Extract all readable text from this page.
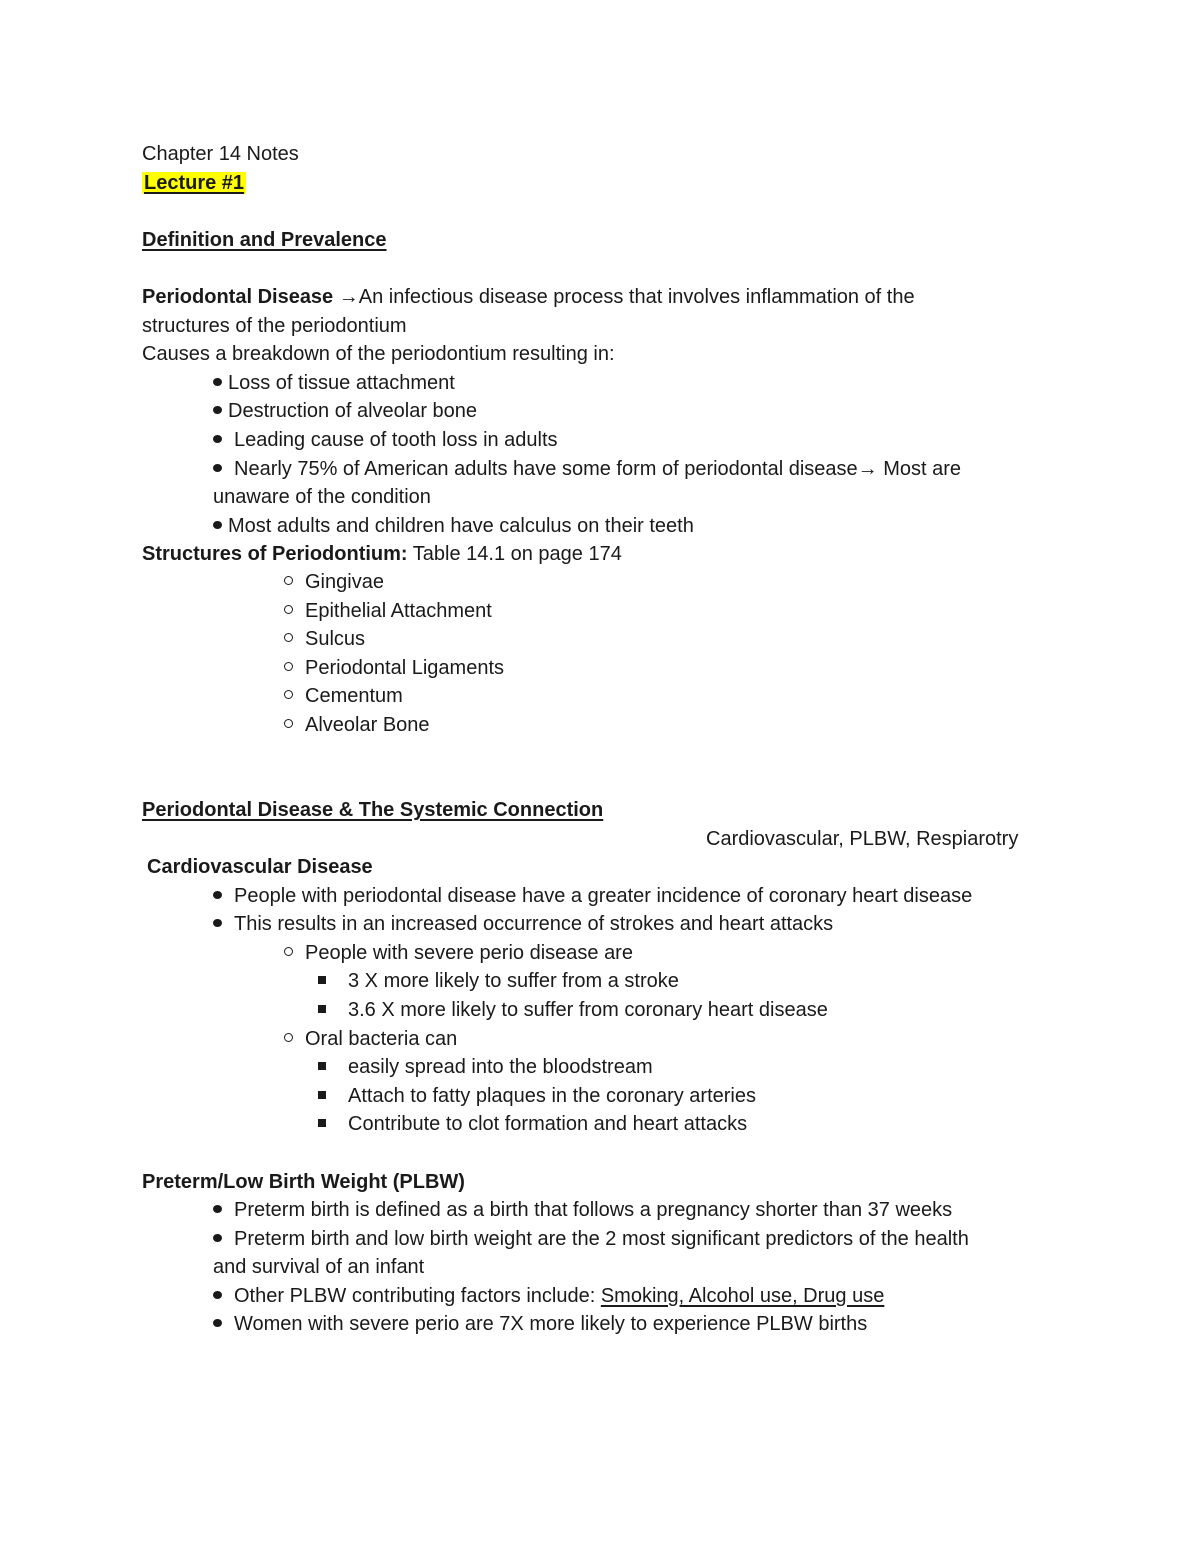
Chapter 14 Notes
Lecture #1
Definition and Prevalence
Periodontal Disease →An infectious disease process that involves inflammation of the
structures of the periodontium
Causes a breakdown of the periodontium resulting in:
Loss of tissue attachment
Destruction of alveolar bone
Leading cause of tooth loss in adults
Nearly 75% of American adults have some form of periodontal disease→ Most are
unaware of the condition
Most adults and children have calculus on their teeth
Structures of Periodontium: Table 14.1 on page 174
Gingivae
Epithelial Attachment
Sulcus
Periodontal Ligaments
Cementum
Alveolar Bone
Periodontal Disease & The Systemic Connection
Cardiovascular, PLBW, Respiarotry
Cardiovascular Disease
People with periodontal disease have a greater incidence of coronary heart disease
This results in an increased occurrence of strokes and heart attacks
People with severe perio disease are
3 X more likely to suffer from a stroke
3.6 X more likely to suffer from coronary heart disease
Oral bacteria can
easily spread into the bloodstream
Attach to fatty plaques in the coronary arteries
Contribute to clot formation and heart attacks
Preterm/Low Birth Weight (PLBW)
Preterm birth is defined as a birth that follows a pregnancy shorter than 37 weeks
Preterm birth and low birth weight are the 2 most significant predictors of the health
and survival of an infant
Other PLBW contributing factors include: Smoking, Alcohol use, Drug use
Women with severe perio are 7X more likely to experience PLBW births
